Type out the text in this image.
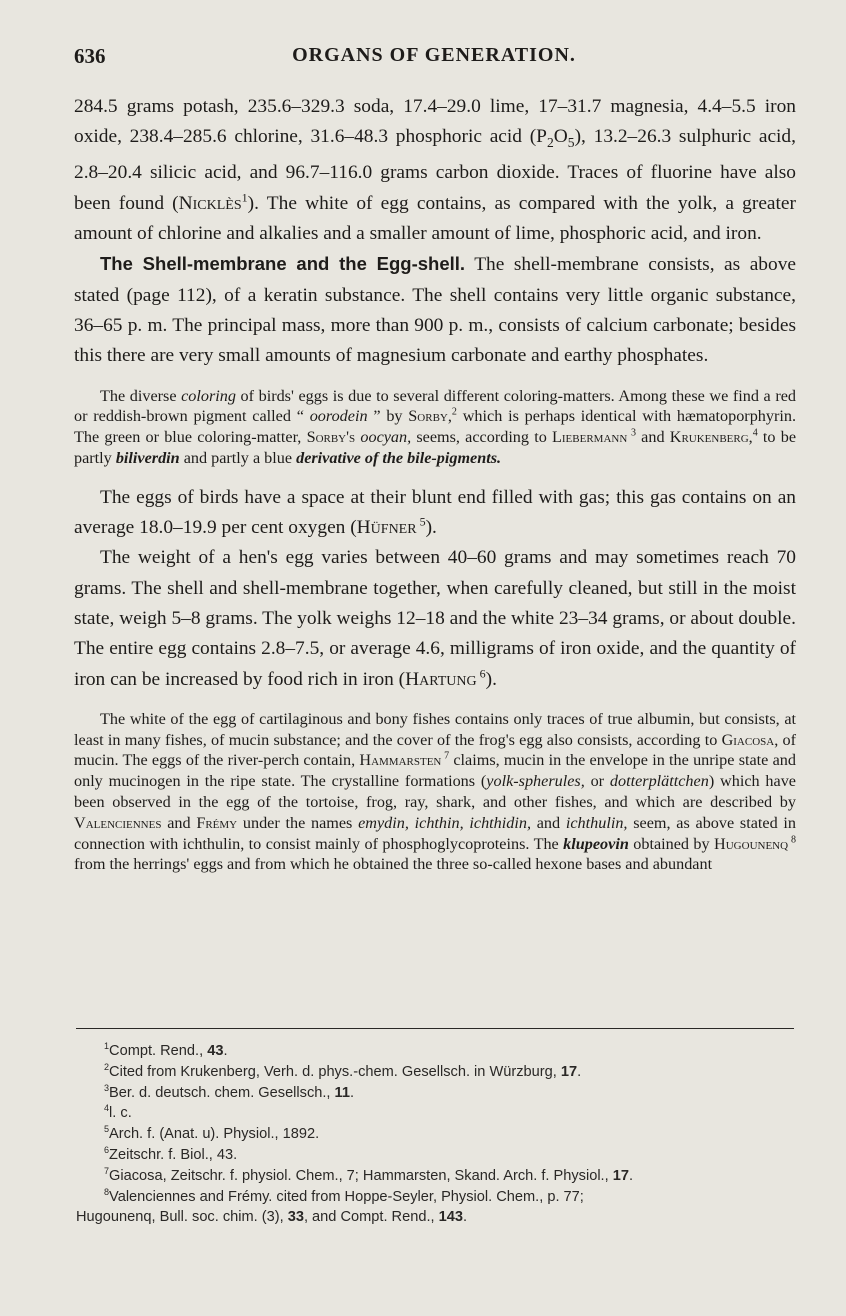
636	ORGANS OF GENERATION.

284.5 grams potash, 235.6–329.3 soda, 17.4–29.0 lime, 17–31.7 magnesia, 4.4–5.5 iron oxide, 238.4–285.6 chlorine, 31.6–48.3 phosphoric acid $(P_2O_5)$, 13.2–26.3 sulphuric acid, 2.8–20.4 silicic acid, and 96.7–116.0 grams carbon dioxide. Traces of fluorine have also been found (Nicklès$^1$). The white of egg contains, as compared with the yolk, a greater amount of chlorine and alkalies and a smaller amount of lime, phosphoric acid, and iron.

The Shell-membrane and the Egg-shell. The shell-membrane consists, as above stated (page 112), of a keratin substance. The shell contains very little organic substance, 36–65 p. m. The principal mass, more than 900 p. m., consists of calcium carbonate; besides this there are very small amounts of magnesium carbonate and earthy phosphates.

The diverse coloring of birds' eggs is due to several different coloring-matters. Among these we find a red or reddish-brown pigment called “ oorodein ” by Sorby,$^2$ which is perhaps identical with hæmatoporphyrin. The green or blue coloring-matter, Sorby's oocyan, seems, according to Liebermann $^3$ and Krukenberg,$^4$ to be partly biliverdin and partly a blue derivative of the bile-pigments.

The eggs of birds have a space at their blunt end filled with gas; this gas contains on an average 18.0–19.9 per cent oxygen (Hüfner $^5$).

The weight of a hen's egg varies between 40–60 grams and may sometimes reach 70 grams. The shell and shell-membrane together, when carefully cleaned, but still in the moist state, weigh 5–8 grams. The yolk weighs 12–18 and the white 23–34 grams, or about double. The entire egg contains 2.8–7.5, or average 4.6, milligrams of iron oxide, and the quantity of iron can be increased by food rich in iron (Hartung $^6$).

The white of the egg of cartilaginous and bony fishes contains only traces of true albumin, but consists, at least in many fishes, of mucin substance; and the cover of the frog's egg also consists, according to Giacosa, of mucin. The eggs of the river-perch contain, Hammarsten $^7$ claims, mucin in the envelope in the unripe state and only mucinogen in the ripe state. The crystalline formations (yolk-spherules, or dotterplättchen) which have been observed in the egg of the tortoise, frog, ray, shark, and other fishes, and which are described by Valenciennes and Frémy under the names emydin, ichthin, ichthidin, and ichthulin, seem, as above stated in connection with ichthulin, to consist mainly of phosphoglycoproteins. The klupeovin obtained by Hugounenq $^8$ from the herrings' eggs and from which he obtained the three so-called hexone bases and abundant

$^1$Compt. Rend., 43.
$^2$Cited from Krukenberg, Verh. d. phys.-chem. Gesellsch. in Würzburg, 17.
$^3$Ber. d. deutsch. chem. Gesellsch., 11.
$^4$l. c.
$^5$Arch. f. (Anat. u). Physiol., 1892.
$^6$Zeitschr. f. Biol., 43.
$^7$Giacosa, Zeitschr. f. physiol. Chem., 7; Hammarsten, Skand. Arch. f. Physiol., 17.
$^8$Valenciennes and Frémy. cited from Hoppe-Seyler, Physiol. Chem., p. 77;
Hugounenq, Bull. soc. chim. (3), 33, and Compt. Rend., 143.
